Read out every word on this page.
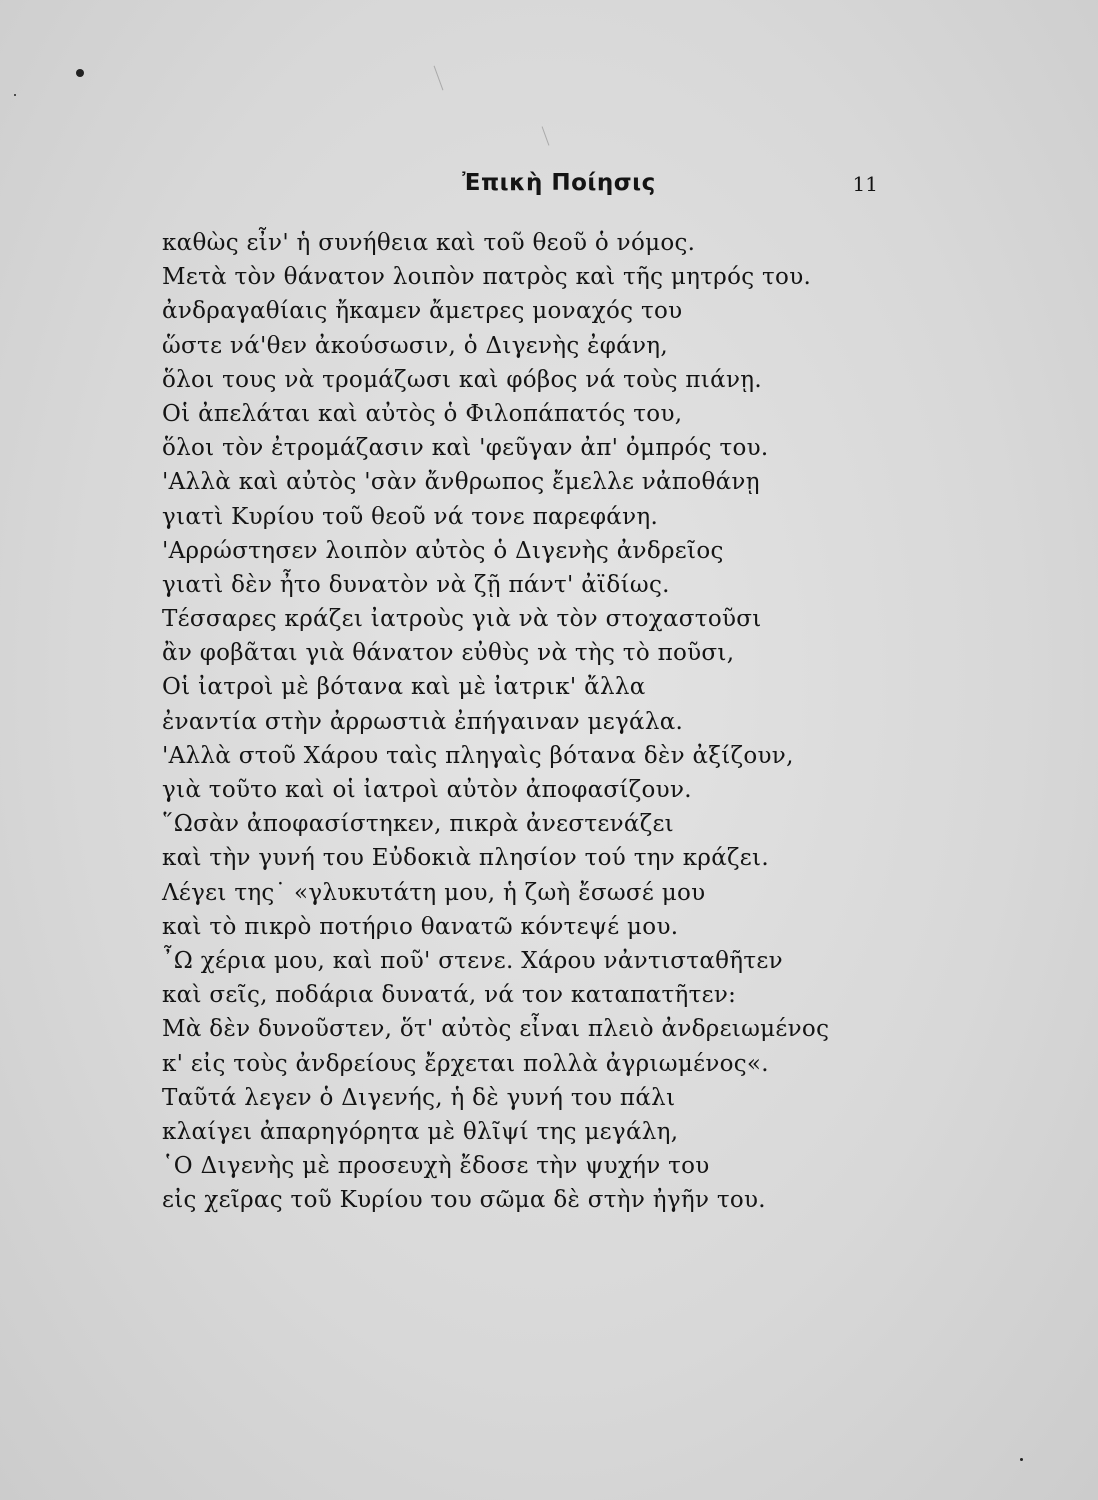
Ἐπικὴ Ποίησις	11
καθὼς εἶν' ἡ συνήθεια καὶ τοῦ θεοῦ ὁ νόμος.
Μετὰ τὸν θάνατον λοιπὸν πατρὸς καὶ τῆς μητρός του.
ἀνδραγαθίαις ἤκαμεν ἄμετρες μοναχός του
ὥστε νά'θεν ἀκούσωσιν, ὁ Διγενὴς ἐφάνη,
ὅλοι τους νὰ τρομάζωσι καὶ φόβος νά τοὺς πιάνῃ.
Οἱ ἀπελάται καὶ αὐτὸς ὁ Φιλοπάπατός του,
ὅλοι τὸν ἐτρομάζασιν καὶ 'φεῦγαν ἀπ' ὀμπρός του.
'Αλλὰ καὶ αὐτὸς 'σὰν ἄνθρωπος ἔμελλε νἀποθάνῃ
γιατὶ Κυρίου τοῦ θεοῦ νά τονε παρεφάνη.
'Αρρώστησεν λοιπὸν αὐτὸς ὁ Διγενὴς ἀνδρεῖος
γιατὶ δὲν ἦτο δυνατὸν νὰ ζῇ πάντ' ἀϊδίως.
Τέσσαρες κράζει ἰατροὺς γιὰ νὰ τὸν στοχαστοῦσι
ἂν φοβᾶται γιὰ θάνατον εὐθὺς νὰ τὴς τὸ ποῦσι,
Οἱ ἰατροὶ μὲ βότανα καὶ μὲ ἰατρικ' ἄλλα
ἐναντία στὴν ἀρρωστιὰ ἐπήγαιναν μεγάλα.
'Αλλὰ στοῦ Χάρου ταὶς πληγαὶς βότανα δὲν ἀξίζουν,
γιὰ τοῦτο καὶ οἱ ἰατροὶ αὐτὸν ἀποφασίζουν.
῞Ωσὰν ἀποφασίστηκεν, πικρὰ ἀνεστενάζει
καὶ τὴν γυνή του Εὐδοκιὰ πλησίον τού την κράζει.
Λέγει της˙ «γλυκυτάτη μου, ἡ ζωὴ ἔσωσέ μου
καὶ τὸ πικρὸ ποτήριο θανατῶ κόντεψέ μου.
῏Ω χέρια μου, καὶ ποῦ' στενε. Χάρου νἀντισταθῆτεν
καὶ σεῖς, ποδάρια δυνατά, νά τον καταπατῆτεν:
Μὰ δὲν δυνοῦστεν, ὅτ' αὐτὸς εἶναι πλειὸ ἀνδρειωμένος
κ' εἰς τοὺς ἀνδρείους ἔρχεται πολλὰ ἀγριωμένος«.
Ταῦτά λεγεν ὁ Διγενής, ἡ δὲ γυνή του πάλι
κλαίγει ἀπαρηγόρητα μὲ θλῖψί της μεγάλη,
῾Ο Διγενὴς μὲ προσευχὴ ἔδοσε τὴν ψυχήν του
εἰς χεῖρας τοῦ Κυρίου του σῶμα δὲ στὴν ἠγῆν του.
